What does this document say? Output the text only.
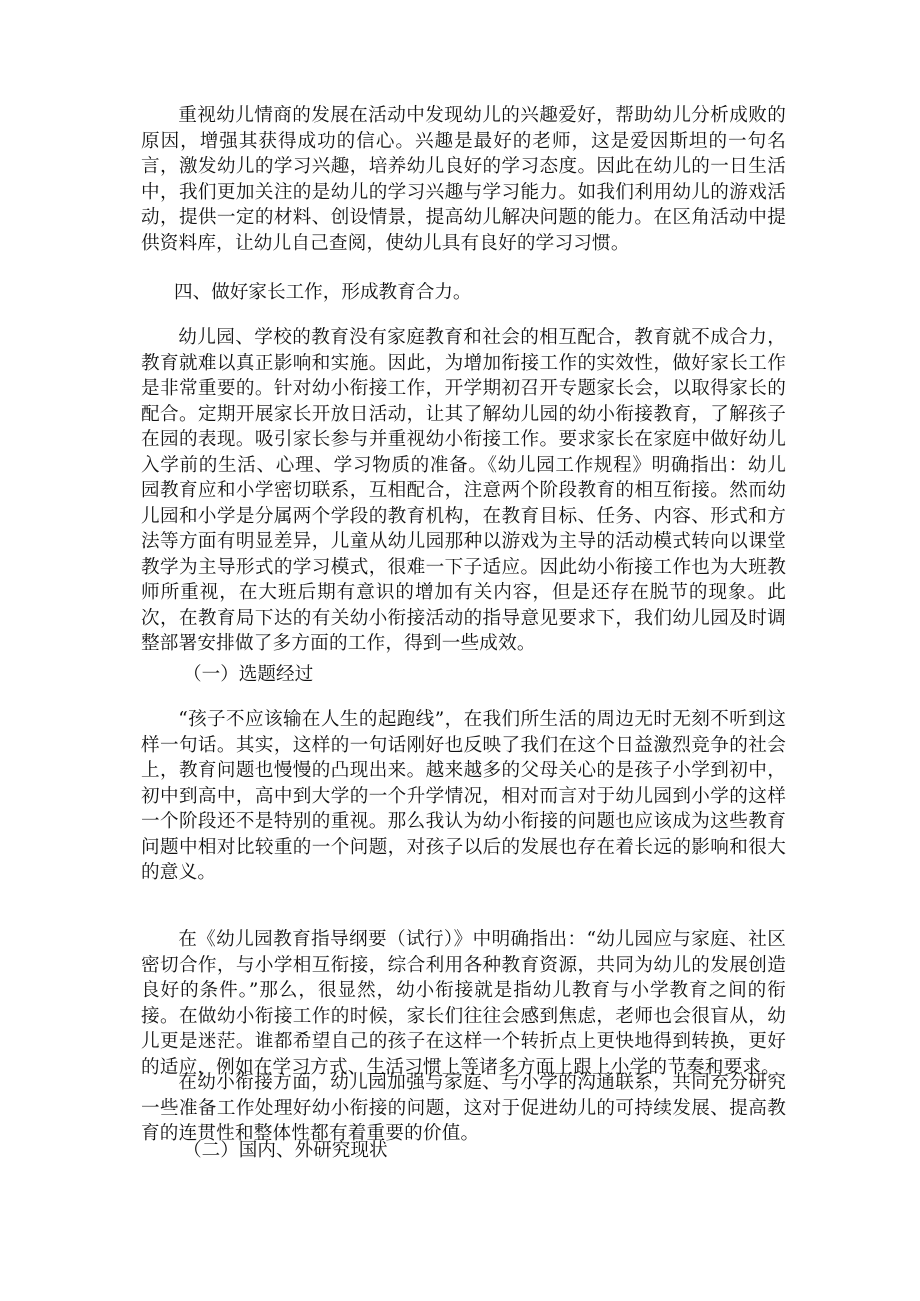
重视幼儿情商的发展在活动中发现幼儿的兴趣爱好，帮助幼儿分析成败的原因，增强其获得成功的信心。兴趣是最好的老师，这是爱因斯坦的一句名言，激发幼儿的学习兴趣，培养幼儿良好的学习态度。因此在幼儿的一日生活中，我们更加关注的是幼儿的学习兴趣与学习能力。如我们利用幼儿的游戏活动，提供一定的材料、创设情景，提高幼儿解决问题的能力。在区角活动中提供资料库，让幼儿自己查阅，使幼儿具有良好的学习习惯。

四、做好家长工作，形成教育合力。

幼儿园、学校的教育没有家庭教育和社会的相互配合，教育就不成合力，教育就难以真正影响和实施。因此，为增加衔接工作的实效性，做好家长工作是非常重要的。针对幼小衔接工作，开学期初召开专题家长会，以取得家长的配合。定期开展家长开放日活动，让其了解幼儿园的幼小衔接教育，了解孩子在园的表现。吸引家长参与并重视幼小衔接工作。要求家长在家庭中做好幼儿入学前的生活、心理、学习物质的准备。《幼儿园工作规程》明确指出：幼儿园教育应和小学密切联系，互相配合，注意两个阶段教育的相互衔接。然而幼儿园和小学是分属两个学段的教育机构，在教育目标、任务、内容、形式和方法等方面有明显差异，儿童从幼儿园那种以游戏为主导的活动模式转向以课堂教学为主导形式的学习模式，很难一下子适应。因此幼小衔接工作也为大班教师所重视，在大班后期有意识的增加有关内容，但是还存在脱节的现象。此次，在教育局下达的有关幼小衔接活动的指导意见要求下，我们幼儿园及时调整部署安排做了多方面的工作，得到一些成效。

（一）选题经过

“孩子不应该输在人生的起跑线”，在我们所生活的周边无时无刻不听到这样一句话。其实，这样的一句话刚好也反映了我们在这个日益激烈竞争的社会上，教育问题也慢慢的凸现出来。越来越多的父母关心的是孩子小学到初中，初中到高中，高中到大学的一个升学情况，相对而言对于幼儿园到小学的这样一个阶段还不是特别的重视。那么我认为幼小衔接的问题也应该成为这些教育问题中相对比较重的一个问题，对孩子以后的发展也存在着长远的影响和很大的意义。

在《幼儿园教育指导纲要（试行）》中明确指出：“幼儿园应与家庭、社区密切合作，与小学相互衔接，综合利用各种教育资源，共同为幼儿的发展创造良好的条件。”那么，很显然，幼小衔接就是指幼儿教育与小学教育之间的衔接。在做幼小衔接工作的时候，家长们往往会感到焦虑，老师也会很盲从，幼儿更是迷茫。谁都希望自己的孩子在这样一个转折点上更快地得到转换，更好的适应，例如在学习方式、生活习惯上等诸多方面上跟上小学的节奏和要求。

在幼小衔接方面，幼儿园加强与家庭、与小学的沟通联系，共同充分研究一些准备工作处理好幼小衔接的问题，这对于促进幼儿的可持续发展、提高教育的连贯性和整体性都有着重要的价值。

（二）国内、外研究现状
